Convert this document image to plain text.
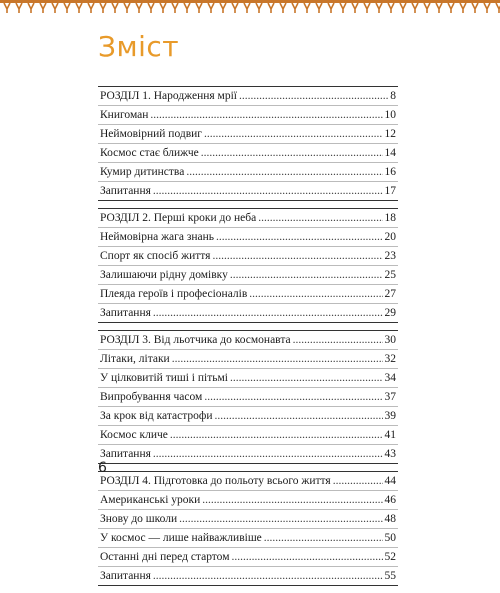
Зміст
РОЗДІЛ 1. Народження мрії .....	8
Книгоман .....	10
Неймовірний подвиг .....	12
Космос стає ближче .....	14
Кумир дитинства .....	16
Запитання .....	17
РОЗДІЛ 2. Перші кроки до неба .....	18
Неймовірна жага знань .....	20
Спорт як спосіб життя .....	23
Залишаючи рідну домівку .....	25
Плеяда героїв і професіоналів .....	27
Запитання .....	29
РОЗДІЛ 3. Від льотчика до космонавта .....	30
Літаки, літаки .....	32
У цілковитій тиші і пітьмі .....	34
Випробування часом .....	37
За крок від катастрофи .....	39
Космос кличе .....	41
Запитання .....	43
РОЗДІЛ 4. Підготовка до польоту всього життя .....	44
Американські уроки .....	46
Знову до школи .....	48
У космос — лише найважливіше .....	50
Останні дні перед стартом .....	52
Запитання .....	55
6
